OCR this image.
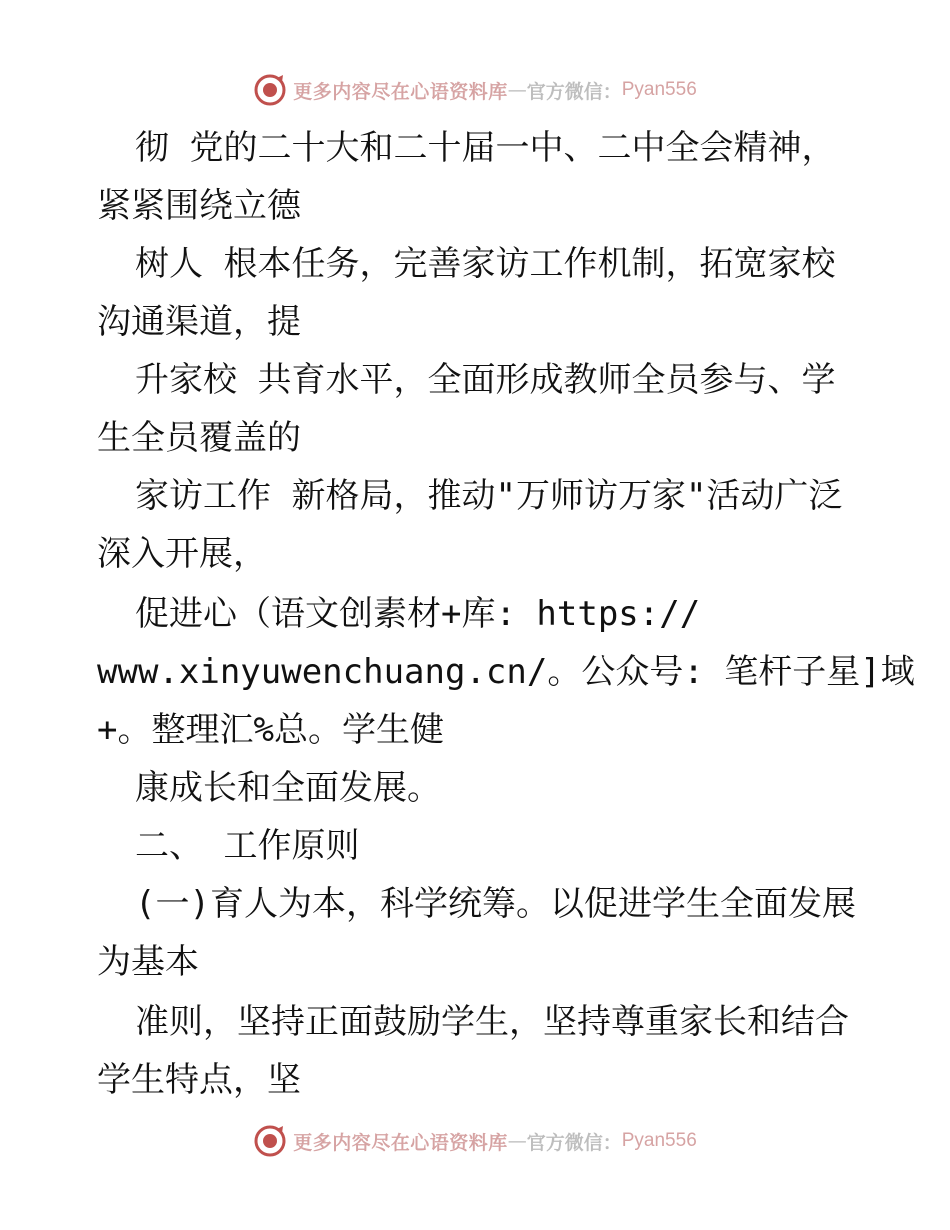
更多内容尽在心语资料库 — 官方微信： Pyan556
彻 党的二十大和二十届一中、二中全会精神，
紧紧围绕立德
树人 根本任务，完善家访工作机制，拓宽家校
沟通渠道，提
升家校 共育水平，全面形成教师全员参与、学
生全员覆盖的
家访工作 新格局，推动"万师访万家"活动广泛
深入开展，
促进心（语文创素材+库: https://
www.xinyuwenchuang.cn/。公众号: 笔杆子星]域
+。整理汇%总。学生健
康成长和全面发展。
二、 工作原则
(一)育人为本，科学统筹。以促进学生全面发展
为基本
准则，坚持正面鼓励学生，坚持尊重家长和结合
学生特点，坚
更多内容尽在心语资料库 — 官方微信： Pyan556
